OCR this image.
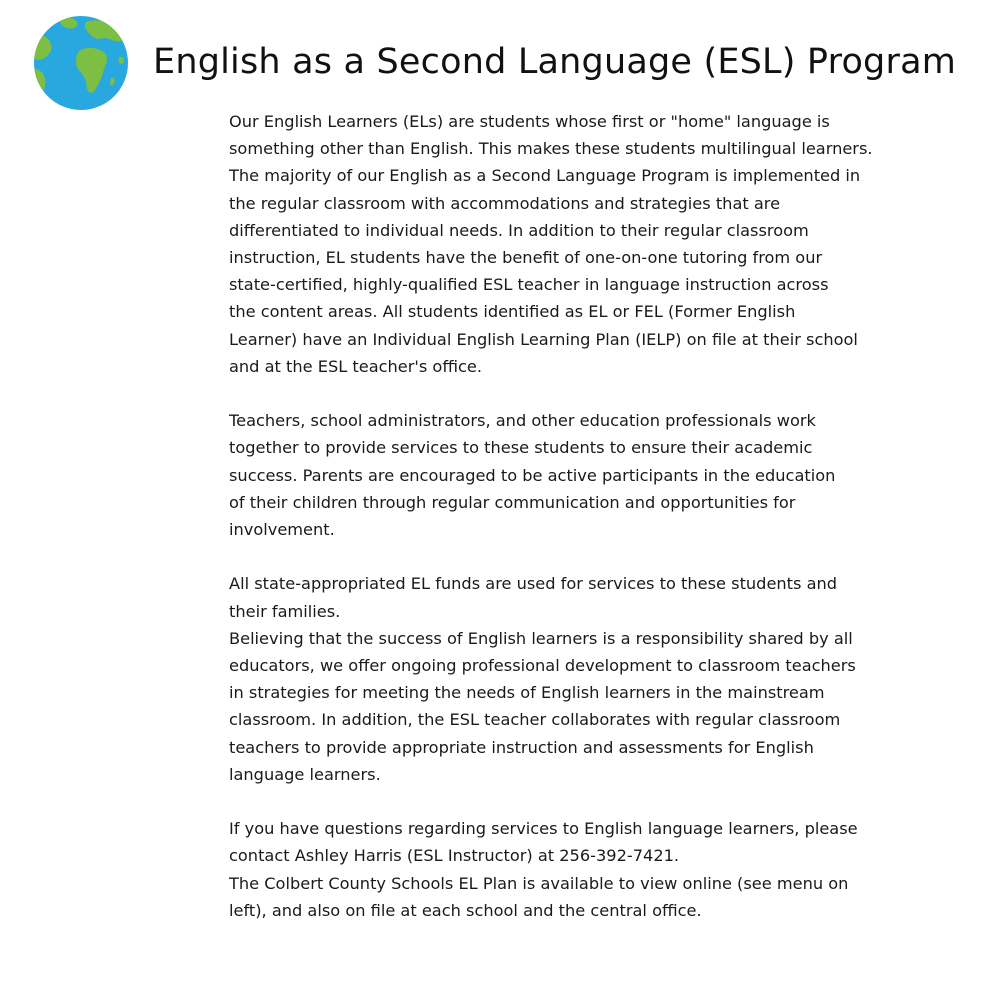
English as a Second Language (ESL) Program

Our English Learners (ELs) are students whose first or "home" language is
something other than English. This makes these students multilingual learners.
The majority of our English as a Second Language Program is implemented in
the regular classroom with accommodations and strategies that are
differentiated to individual needs. In addition to their regular classroom
instruction, EL students have the benefit of one-on-one tutoring from our
state-certified, highly-qualified ESL teacher in language instruction across
the content areas. All students identified as EL or FEL (Former English
Learner) have an Individual English Learning Plan (IELP) on file at their school
and at the ESL teacher's office.

Teachers, school administrators, and other education professionals work
together to provide services to these students to ensure their academic
success. Parents are encouraged to be active participants in the education
of their children through regular communication and opportunities for
involvement.

All state-appropriated EL funds are used for services to these students and
their families.

Believing that the success of English learners is a responsibility shared by all
educators, we offer ongoing professional development to classroom teachers
in strategies for meeting the needs of English learners in the mainstream
classroom. In addition, the ESL teacher collaborates with regular classroom
teachers to provide appropriate instruction and assessments for English
language learners.

If you have questions regarding services to English language learners, please
contact Ashley Harris (ESL Instructor) at 256-392-7421.

The Colbert County Schools EL Plan is available to view online (see menu on
left), and also on file at each school and the central office.
